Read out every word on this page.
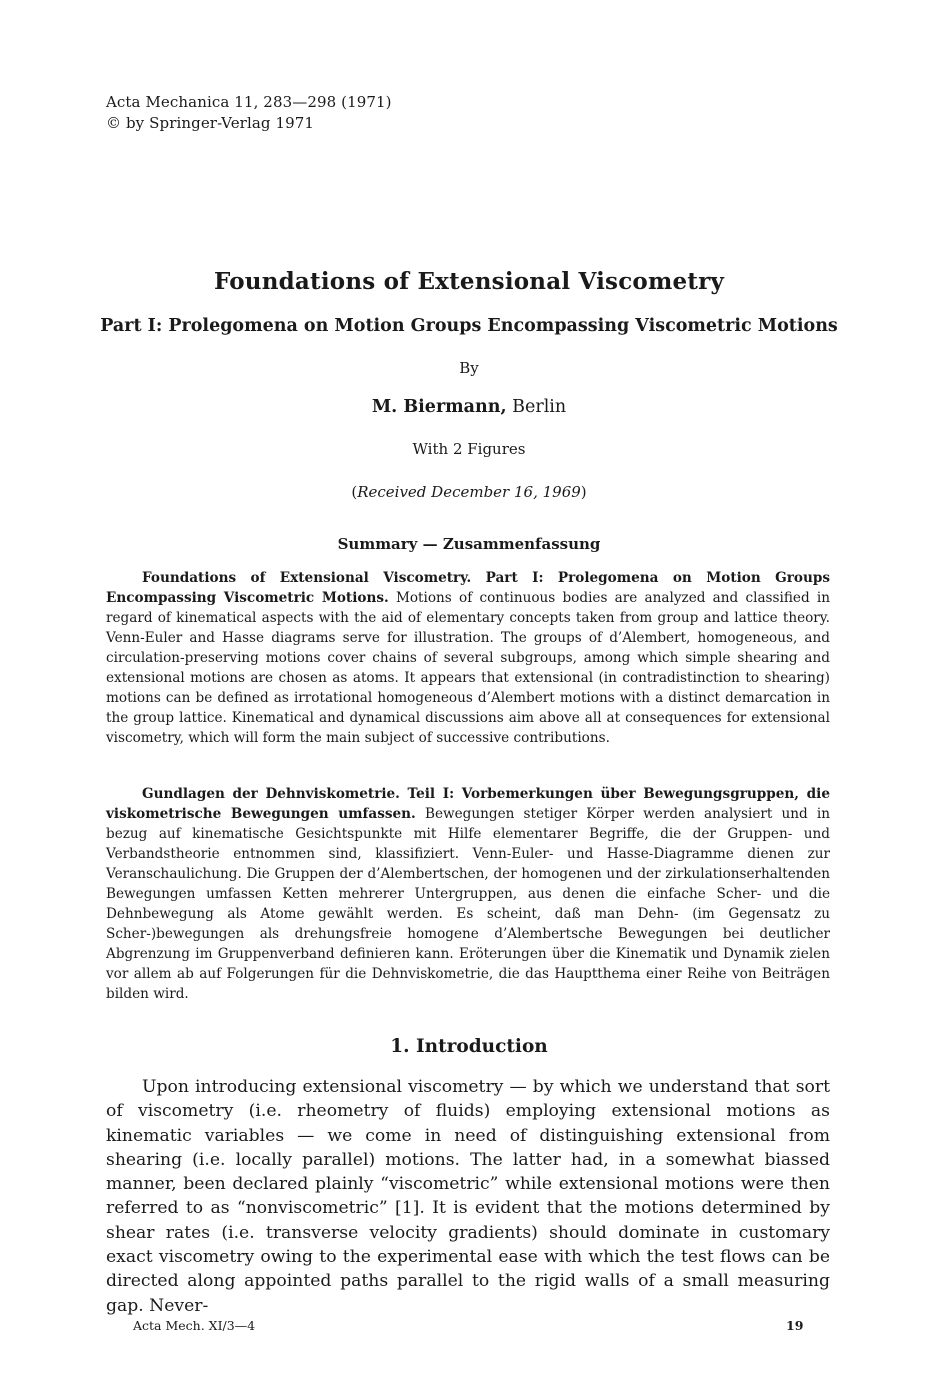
Acta Mechanica 11, 283—298 (1971)
© by Springer-Verlag 1971
Foundations of Extensional Viscometry
Part I: Prolegomena on Motion Groups Encompassing Viscometric Motions
By
M. Biermann, Berlin
With 2 Figures
(Received December 16, 1969)
Summary — Zusammenfassung

Foundations of Extensional Viscometry. Part I: Prolegomena on Motion Groups Encompassing Viscometric Motions. Motions of continuous bodies are analyzed and classified in regard of kinematical aspects with the aid of elementary concepts taken from group and lattice theory. Venn-Euler and Hasse diagrams serve for illustration. The groups of d’Alembert, homogeneous, and circulation-preserving motions cover chains of several subgroups, among which simple shearing and extensional motions are chosen as atoms. It appears that extensional (in contradistinction to shearing) motions can be defined as irrotational homogeneous d’Alembert motions with a distinct demarcation in the group lattice. Kinematical and dynamical discussions aim above all at consequences for extensional viscometry, which will form the main subject of successive contributions.

Gundlagen der Dehnviskometrie. Teil I: Vorbemerkungen über Bewegungsgruppen, die viskometrische Bewegungen umfassen. Bewegungen stetiger Körper werden analysiert und in bezug auf kinematische Gesichtspunkte mit Hilfe elementarer Begriffe, die der Gruppen- und Verbandstheorie entnommen sind, klassifiziert. Venn-Euler- und Hasse-Diagramme dienen zur Veranschaulichung. Die Gruppen der d’Alembertschen, der homogenen und der zirkulationserhaltenden Bewegungen umfassen Ketten mehrerer Untergruppen, aus denen die einfache Scher- und die Dehnbewegung als Atome gewählt werden. Es scheint, daß man Dehn- (im Gegensatz zu Scher-)bewegungen als drehungsfreie homogene d’Alembertsche Bewegungen bei deutlicher Abgrenzung im Gruppenverband definieren kann. Eröterungen über die Kinematik und Dynamik zielen vor allem ab auf Folgerungen für die Dehnviskometrie, die das Hauptthema einer Reihe von Beiträgen bilden wird.

1. Introduction

Upon introducing extensional viscometry — by which we understand that sort of viscometry (i.e. rheometry of fluids) employing extensional motions as kinematic variables — we come in need of distinguishing extensional from shearing (i.e. locally parallel) motions. The latter had, in a somewhat biassed manner, been declared plainly “viscometric” while extensional motions were then referred to as “nonviscometric” [1]. It is evident that the motions determined by shear rates (i.e. transverse velocity gradients) should dominate in customary exact viscometry owing to the experimental ease with which the test flows can be directed along appointed paths parallel to the rigid walls of a small measuring gap. Never-

Acta Mech. XI/3—4	19
